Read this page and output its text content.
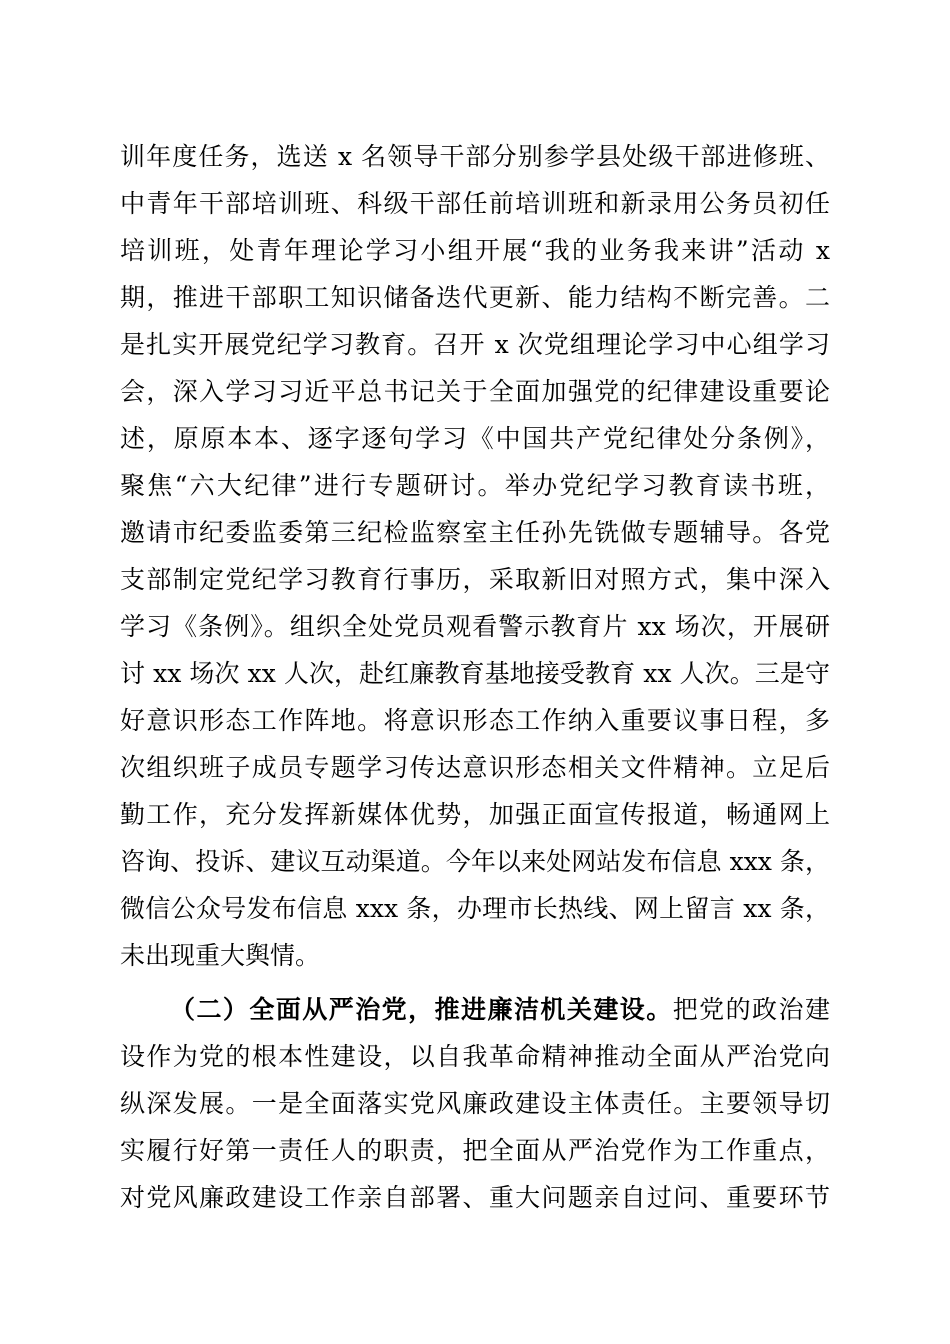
训年度任务，选送 x 名领导干部分别参学县处级干部进修班、
中青年干部培训班、科级干部任前培训班和新录用公务员初任
培训班，处青年理论学习小组开展“我的业务我来讲”活动 x
期，推进干部职工知识储备迭代更新、能力结构不断完善。二
是扎实开展党纪学习教育。召开 x 次党组理论学习中心组学习
会，深入学习习近平总书记关于全面加强党的纪律建设重要论
述，原原本本、逐字逐句学习《中国共产党纪律处分条例》，
聚焦“六大纪律”进行专题研讨。举办党纪学习教育读书班，
邀请市纪委监委第三纪检监察室主任孙先铣做专题辅导。各党
支部制定党纪学习教育行事历，采取新旧对照方式，集中深入
学习《条例》。组织全处党员观看警示教育片 xx 场次，开展研
讨 xx 场次 xx 人次，赴红廉教育基地接受教育 xx 人次。三是守
好意识形态工作阵地。将意识形态工作纳入重要议事日程，多
次组织班子成员专题学习传达意识形态相关文件精神。立足后
勤工作，充分发挥新媒体优势，加强正面宣传报道，畅通网上
咨询、投诉、建议互动渠道。今年以来处网站发布信息 xxx 条，
微信公众号发布信息 xxx 条，办理市长热线、网上留言 xx 条，
未出现重大舆情。
（二）全面从严治党，推进廉洁机关建设。把党的政治建
设作为党的根本性建设，以自我革命精神推动全面从严治党向
纵深发展。一是全面落实党风廉政建设主体责任。主要领导切
实履行好第一责任人的职责，把全面从严治党作为工作重点，
对党风廉政建设工作亲自部署、重大问题亲自过问、重要环节
